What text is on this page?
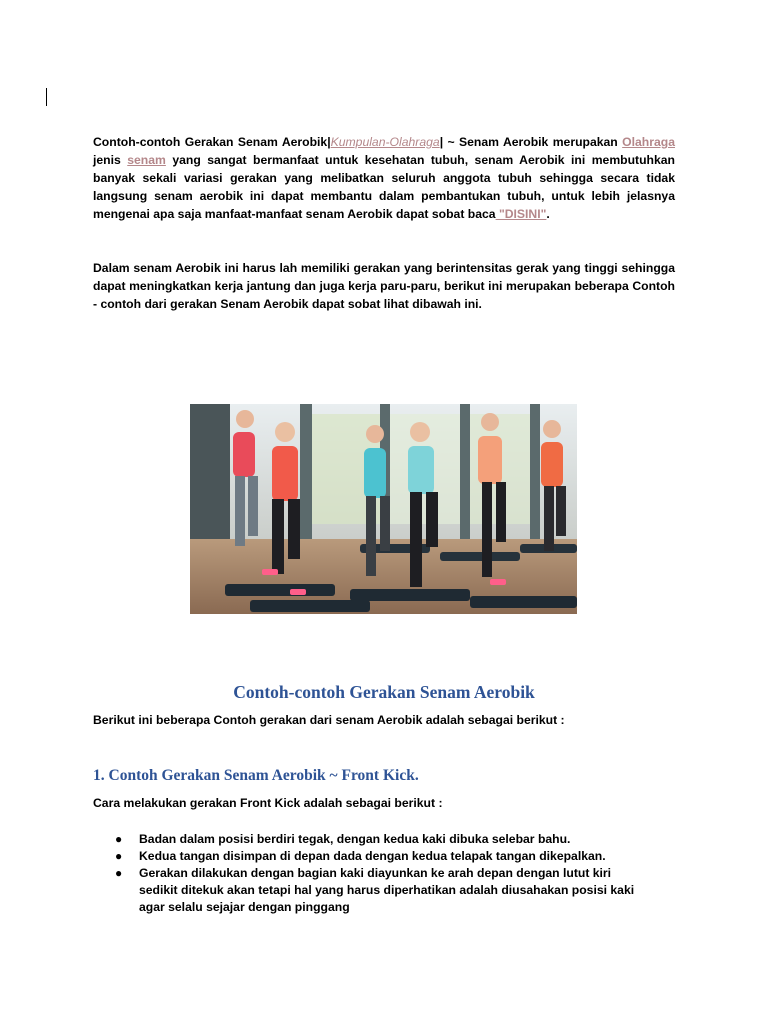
Contoh-contoh Gerakan Senam Aerobik|Kumpulan-Olahraga| ~ Senam Aerobik merupakan Olahraga jenis senam yang sangat bermanfaat untuk kesehatan tubuh, senam Aerobik ini membutuhkan banyak sekali variasi gerakan yang melibatkan seluruh anggota tubuh sehingga secara tidak langsung senam aerobik ini dapat membantu dalam pembantukan tubuh, untuk lebih jelasnya mengenai apa saja manfaat-manfaat senam Aerobik dapat sobat baca "DISINI".

Dalam senam Aerobik ini harus lah memiliki gerakan yang berintensitas gerak yang tinggi sehingga dapat meningkatkan kerja jantung dan juga kerja paru-paru, berikut ini merupakan beberapa Contoh - contoh dari gerakan Senam Aerobik dapat sobat lihat dibawah ini.

Contoh-contoh Gerakan Senam Aerobik

Berikut ini beberapa Contoh gerakan dari senam Aerobik adalah sebagai berikut :

1. Contoh Gerakan Senam Aerobik ~ Front Kick.

Cara melakukan gerakan Front Kick adalah sebagai berikut :

● Badan dalam posisi berdiri tegak, dengan kedua kaki dibuka selebar bahu.
● Kedua tangan disimpan di depan dada dengan kedua telapak tangan dikepalkan.
● Gerakan dilakukan dengan bagian kaki diayunkan ke arah depan dengan lutut kiri sedikit ditekuk akan tetapi hal yang harus diperhatikan adalah diusahakan posisi kaki agar selalu sejajar dengan pinggang
